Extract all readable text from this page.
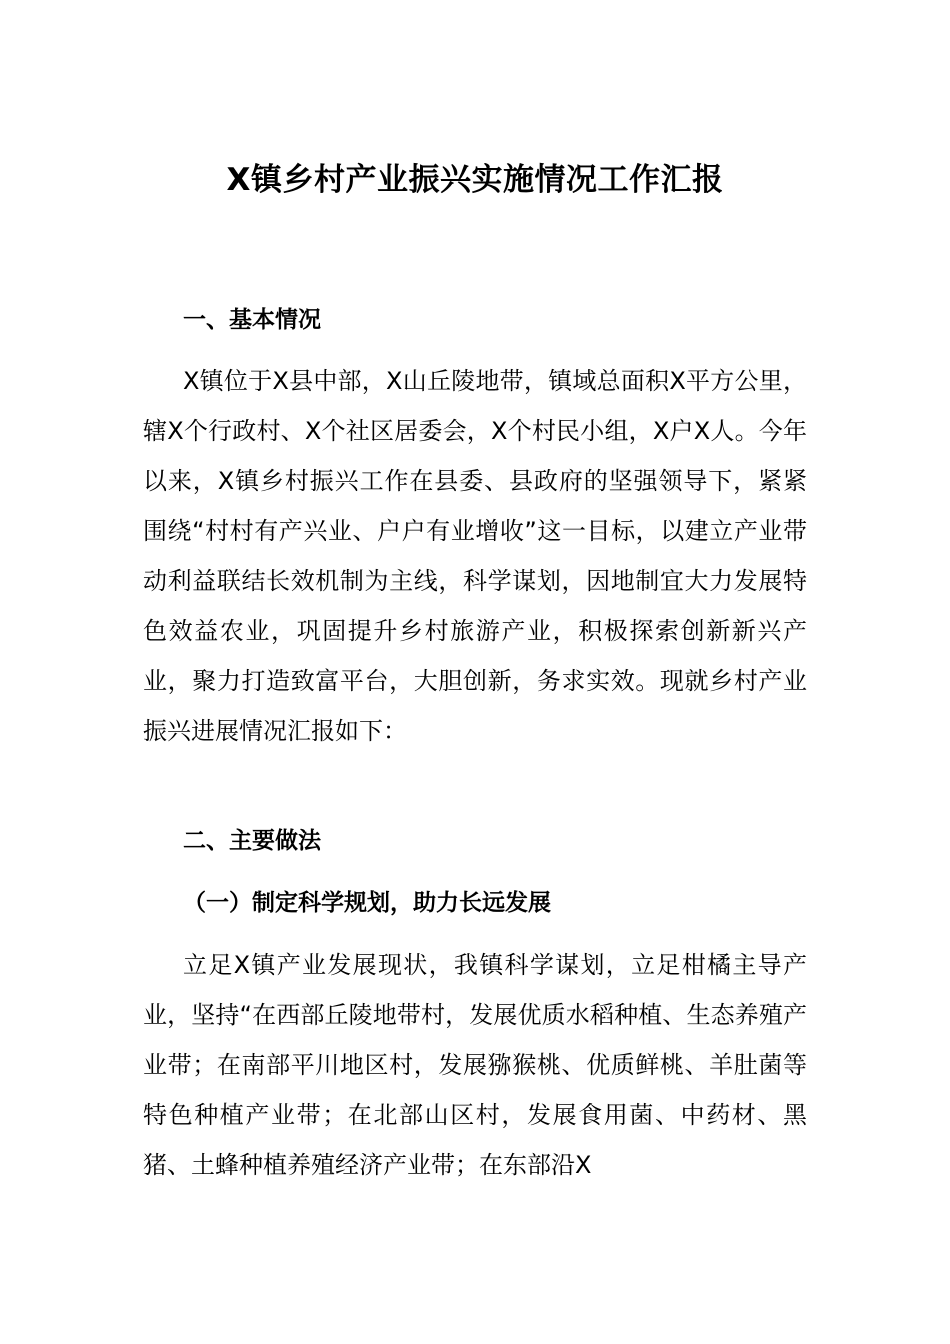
X镇乡村产业振兴实施情况工作汇报
一、基本情况

X镇位于X县中部，X山丘陵地带，镇域总面积X平方公里，辖X个行政村、X个社区居委会，X个村民小组，X户X人。今年以来，X镇乡村振兴工作在县委、县政府的坚强领导下，紧紧围绕“村村有产兴业、户户有业增收”这一目标，以建立产业带动利益联结长效机制为主线，科学谋划，因地制宜大力发展特色效益农业，巩固提升乡村旅游产业，积极探索创新新兴产业，聚力打造致富平台，大胆创新，务求实效。现就乡村产业振兴进展情况汇报如下：

二、主要做法
（一）制定科学规划，助力长远发展

立足X镇产业发展现状，我镇科学谋划，立足柑橘主导产业，坚持“在西部丘陵地带村，发展优质水稻种植、生态养殖产业带；在南部平川地区村，发展猕猴桃、优质鲜桃、羊肚菌等特色种植产业带；在北部山区村，发展食用菌、中药材、黑猪、土蜂种植养殖经济产业带；在东部沿X
